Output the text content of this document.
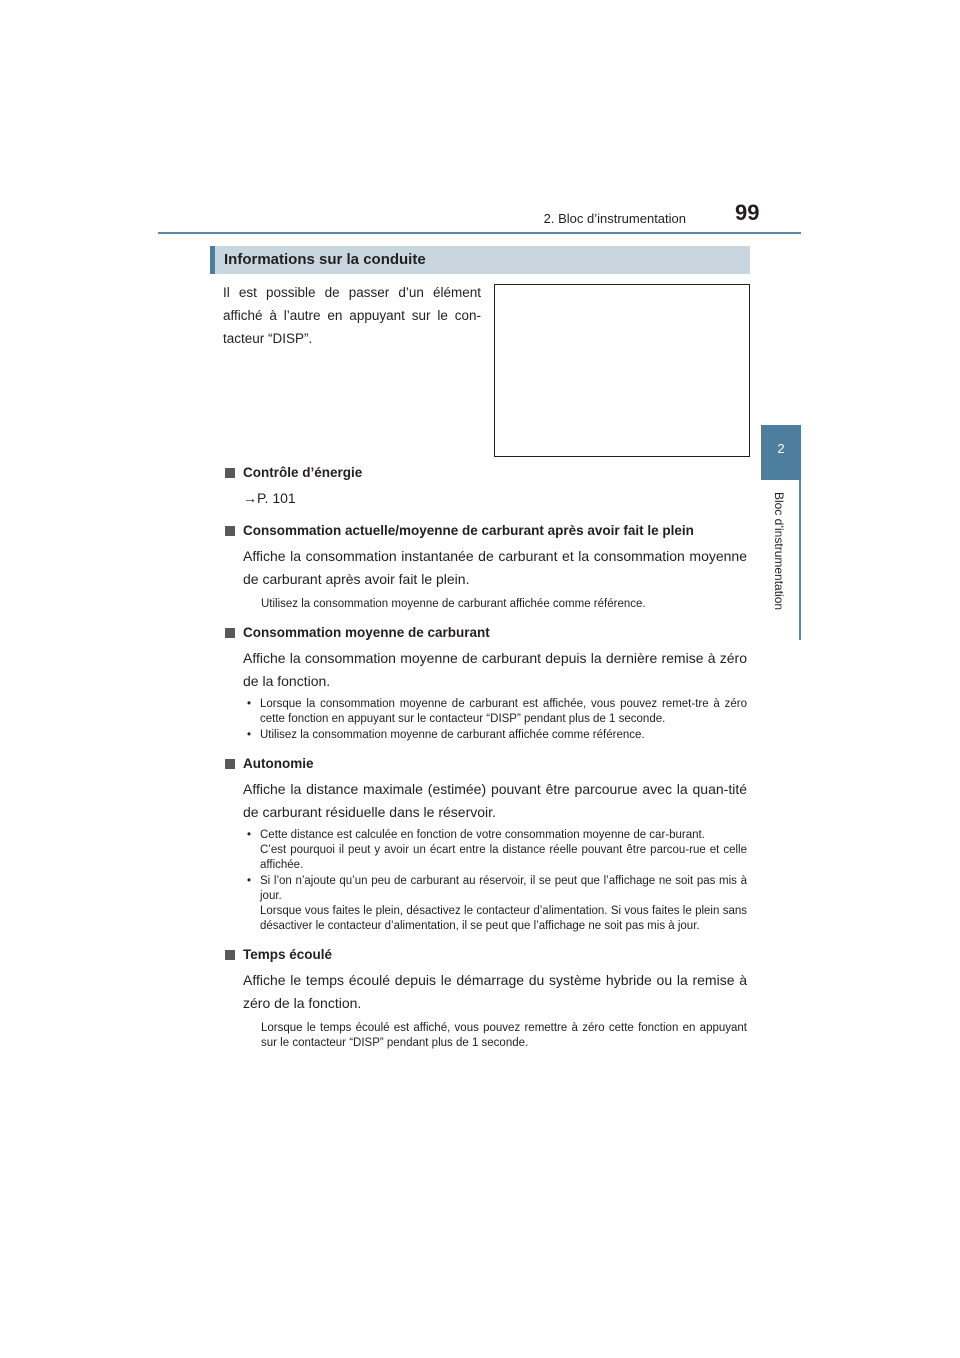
2. Bloc d’instrumentation 99
2
Bloc d’instrumentation
Informations sur la conduite
Il est possible de passer d’un élément affiché à l’autre en appuyant sur le con-tacteur “DISP”.
Contrôle d’énergie
→P. 101
Consommation actuelle/moyenne de carburant après avoir fait le plein
Affiche la consommation instantanée de carburant et la consommation moyenne de carburant après avoir fait le plein.
Utilisez la consommation moyenne de carburant affichée comme référence.
Consommation moyenne de carburant
Affiche la consommation moyenne de carburant depuis la dernière remise à zéro de la fonction.
• Lorsque la consommation moyenne de carburant est affichée, vous pouvez remet-tre à zéro cette fonction en appuyant sur le contacteur “DISP” pendant plus de 1 seconde.
• Utilisez la consommation moyenne de carburant affichée comme référence.
Autonomie
Affiche la distance maximale (estimée) pouvant être parcourue avec la quan-tité de carburant résiduelle dans le réservoir.
• Cette distance est calculée en fonction de votre consommation moyenne de car-burant.
C’est pourquoi il peut y avoir un écart entre la distance réelle pouvant être parcou-rue et celle affichée.
• Si l’on n’ajoute qu’un peu de carburant au réservoir, il se peut que l’affichage ne soit pas mis à jour.
Lorsque vous faites le plein, désactivez le contacteur d’alimentation. Si vous faites le plein sans désactiver le contacteur d’alimentation, il se peut que l’affichage ne soit pas mis à jour.
Temps écoulé
Affiche le temps écoulé depuis le démarrage du système hybride ou la remise à zéro de la fonction.
Lorsque le temps écoulé est affiché, vous pouvez remettre à zéro cette fonction en appuyant sur le contacteur “DISP” pendant plus de 1 seconde.
